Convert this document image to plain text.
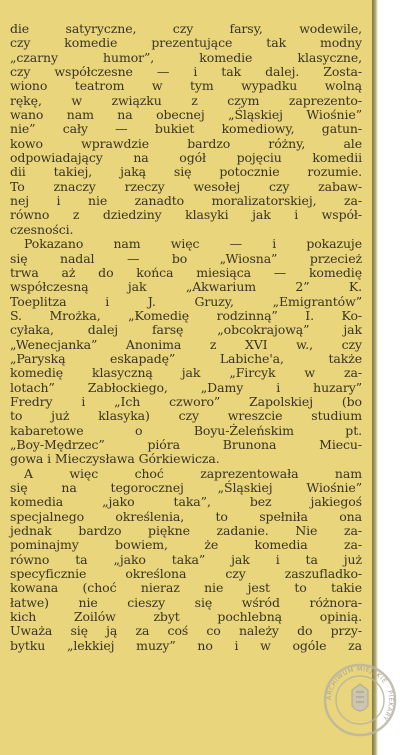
die satyryczne, czy farsy, wodewile,
czy komedie prezentujące tak modny
„czarny humor”, komedie klasyczne,
czy współczesne — i tak dalej. Zosta-
wiono teatrom w tym wypadku wolną
rękę, w związku z czym zaprezento-
wano nam na obecnej „Śląskiej Wiośnie”
nie” cały — bukiet komediowy, gatun-
kowo wprawdzie bardzo różny, ale
odpowiadający na ogół pojęciu komedii
dii takiej, jaką się potocznie rozumie.
To znaczy rzeczy wesołej czy zabaw-
nej i nie zanadto moralizatorskiej, za-
równo z dziedziny klasyki jak i współ-
czesności.
Pokazano nam więc — i pokazuje
się nadal — bo „Wiosna” przecież
trwa aż do końca miesiąca — komedię
współczesną jak „Akwarium 2” K.
Toeplitza i J. Gruzy, „Emigrantów”
S. Mrożka, „Komedię rodzinną” I. Ko-
cyłaka, dalej farsę „obcokrajową” jak
„Wenecjanka” Anonima z XVI w., czy
„Paryską eskapadę” Labiche'a, także
komedię klasyczną jak „Fircyk w za-
lotach” Zabłockiego, „Damy i huzary”
Fredry i „Ich czworo” Zapolskiej (bo
to już klasyka) czy wreszcie studium
kabaretowe o Boyu-Żeleńskim pt.
„Boy-Mędrzec” pióra Brunona Miecu-
gowa i Mieczysława Górkiewicza.
A więc choć zaprezentowała nam
się na tegorocznej „Śląskiej Wiośnie”
komedia „jako taka”, bez jakiegoś
specjalnego określenia, to spełniła ona
jednak bardzo piękne zadanie. Nie za-
pominajmy bowiem, że komedia za-
równo ta „jako taka” jak i ta już
specyficznie określona czy zaszufladko-
kowana (choć nieraz nie jest to takie
łatwe) nie cieszy się wśród różnora-
kich Zoilów zbyt pochlebną opinią.
Uważa się ją za coś co należy do przy-
bytku „lekkiej muzy” no i w ogóle za
ARCHIWUM MIEJSKIE · PIEKARY
